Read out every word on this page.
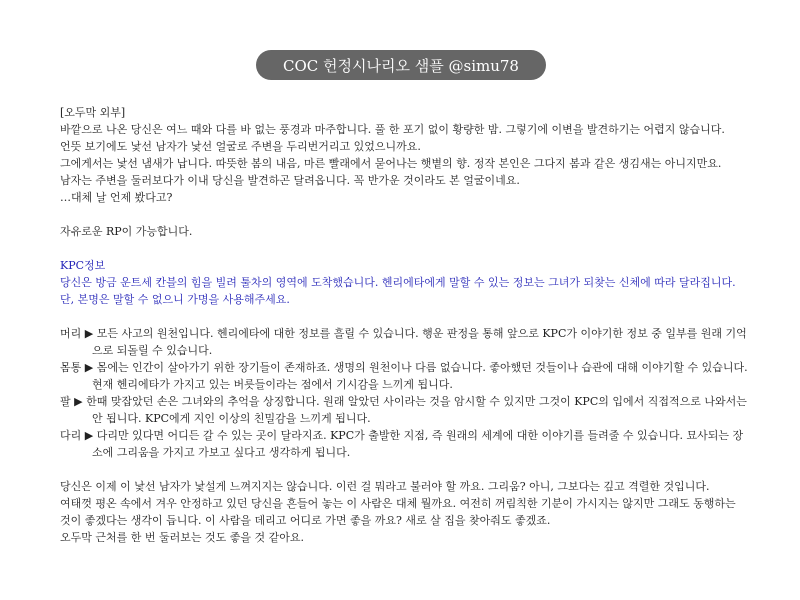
COC 헌정시나리오 샘플 @simu78

[오두막 외부]

바깥으로 나온 당신은 여느 때와 다를 바 없는 풍경과 마주합니다. 풀 한 포기 없이 황량한 밤. 그렇기에 이변을 발견하기는 어렵지 않습니다.

언뜻 보기에도 낯선 남자가 낯선 얼굴로 주변을 두리번거리고 있었으니까요.

그에게서는 낯선 냄새가 납니다. 따뜻한 봄의 내음, 마른 빨래에서 묻어나는 햇볕의 향. 정작 본인은 그다지 봄과 같은 생김새는 아니지만요.

남자는 주변을 둘러보다가 이내 당신을 발견하곤 달려옵니다. 꼭 반가운 것이라도 본 얼굴이네요.

…대체 날 언제 봤다고?

자유로운 RP이 가능합니다.

KPC정보

당신은 방금 운트세 칸블의 힘을 빌려 툴차의 영역에 도착했습니다. 헨리에타에게 말할 수 있는 정보는 그녀가 되찾는 신체에 따라 달라집니다. 단, 본명은 말할 수 없으니 가명을 사용해주세요.

머리 ▶ 모든 사고의 원천입니다. 헨리에타에 대한 정보를 흘릴 수 있습니다. 행운 판정을 통해 앞으로 KPC가 이야기한 정보 중 일부를 원래 기억으로 되돌릴 수 있습니다.

몸통 ▶ 몸에는 인간이 살아가기 위한 장기들이 존재하죠. 생명의 원천이나 다름 없습니다. 좋아했던 것들이나 습관에 대해 이야기할 수 있습니다. 현재 헨리에타가 가지고 있는 버릇들이라는 점에서 기시감을 느끼게 됩니다.

팔 ▶ 한때 맞잡았던 손은 그녀와의 추억을 상징합니다. 원래 알았던 사이라는 것을 암시할 수 있지만 그것이 KPC의 입에서 직접적으로 나와서는 안 됩니다. KPC에게 지인 이상의 친밀감을 느끼게 됩니다.

다리 ▶ 다리만 있다면 어디든 갈 수 있는 곳이 달라지죠. KPC가 출발한 지점, 즉 원래의 세계에 대한 이야기를 들려줄 수 있습니다. 묘사되는 장소에 그리움을 가지고 가보고 싶다고 생각하게 됩니다.

당신은 이제 이 낯선 남자가 낯설게 느껴지지는 않습니다. 이런 걸 뭐라고 불러야 할 까요. 그리움? 아니, 그보다는 깊고 격렬한 것입니다.

여태껏 평온 속에서 겨우 안정하고 있던 당신을 흔들어 놓는 이 사람은 대체 뭘까요. 여전히 꺼림칙한 기분이 가시지는 않지만 그래도 동행하는 것이 좋겠다는 생각이 듭니다. 이 사람을 데리고 어디로 가면 좋을 까요? 새로 살 집을 찾아줘도 좋겠죠.

오두막 근처를 한 번 둘러보는 것도 좋을 것 같아요.
